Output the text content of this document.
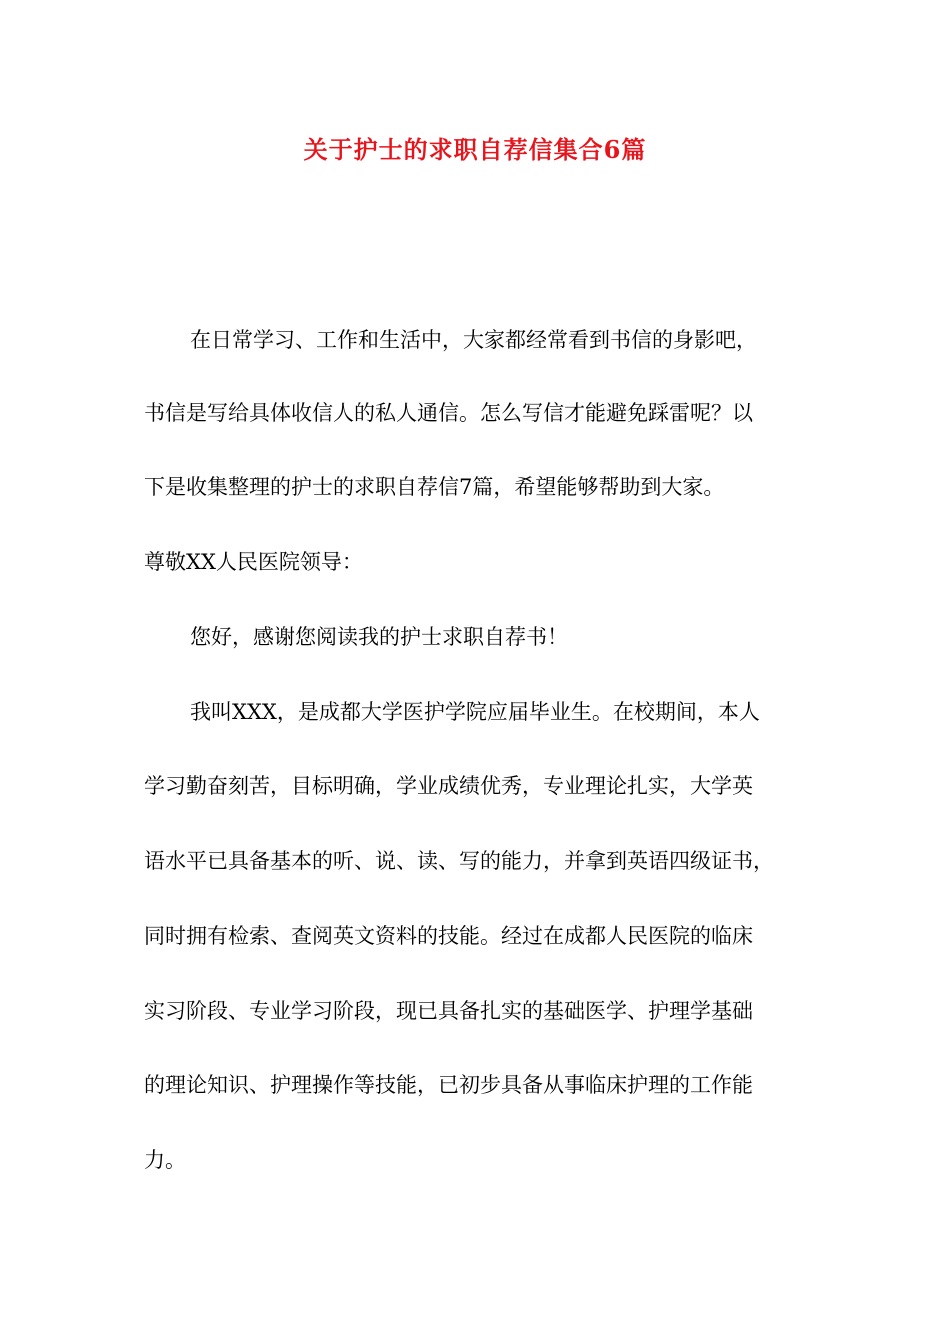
关于护士的求职自荐信集合6篇

在日常学习、工作和生活中，大家都经常看到书信的身影吧，

书信是写给具体收信人的私人通信。怎么写信才能避免踩雷呢？以

下是收集整理的护士的求职自荐信7篇，希望能够帮助到大家。

尊敬XX人民医院领导：

您好，感谢您阅读我的护士求职自荐书！

我叫XXX，是成都大学医护学院应届毕业生。在校期间，本人

学习勤奋刻苦，目标明确，学业成绩优秀，专业理论扎实，大学英

语水平已具备基本的听、说、读、写的能力，并拿到英语四级证书，

同时拥有检索、查阅英文资料的技能。经过在成都人民医院的临床

实习阶段、专业学习阶段，现已具备扎实的基础医学、护理学基础

的理论知识、护理操作等技能，已初步具备从事临床护理的工作能

力。
